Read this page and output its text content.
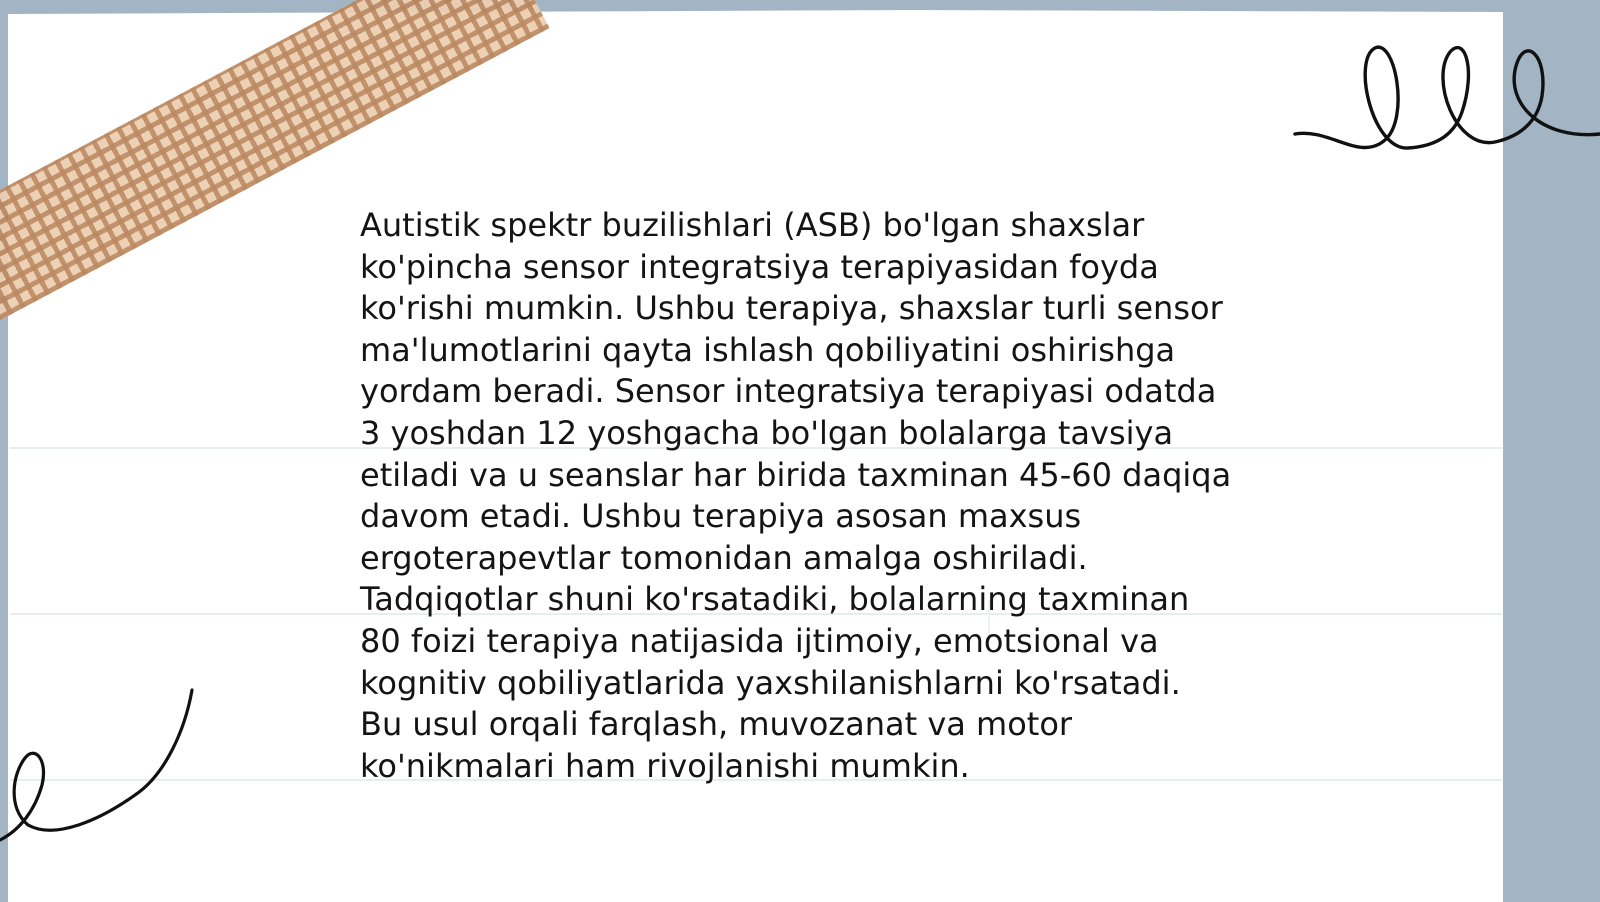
Autistik spektr buzilishlari (ASB) bo'lgan shaxslar
ko'pincha sensor integratsiya terapiyasidan foyda
ko'rishi mumkin. Ushbu terapiya, shaxslar turli sensor
ma'lumotlarini qayta ishlash qobiliyatini oshirishga
yordam beradi. Sensor integratsiya terapiyasi odatda
3 yoshdan 12 yoshgacha bo'lgan bolalarga tavsiya
etiladi va u seanslar har birida taxminan 45-60 daqiqa
davom etadi. Ushbu terapiya asosan maxsus
ergoterapevtlar tomonidan amalga oshiriladi.
Tadqiqotlar shuni ko'rsatadiki, bolalarning taxminan
80 foizi terapiya natijasida ijtimoiy, emotsional va
kognitiv qobiliyatlarida yaxshilanishlarni ko'rsatadi.
Bu usul orqali farqlash, muvozanat va motor
ko'nikmalari ham rivojlanishi mumkin.
